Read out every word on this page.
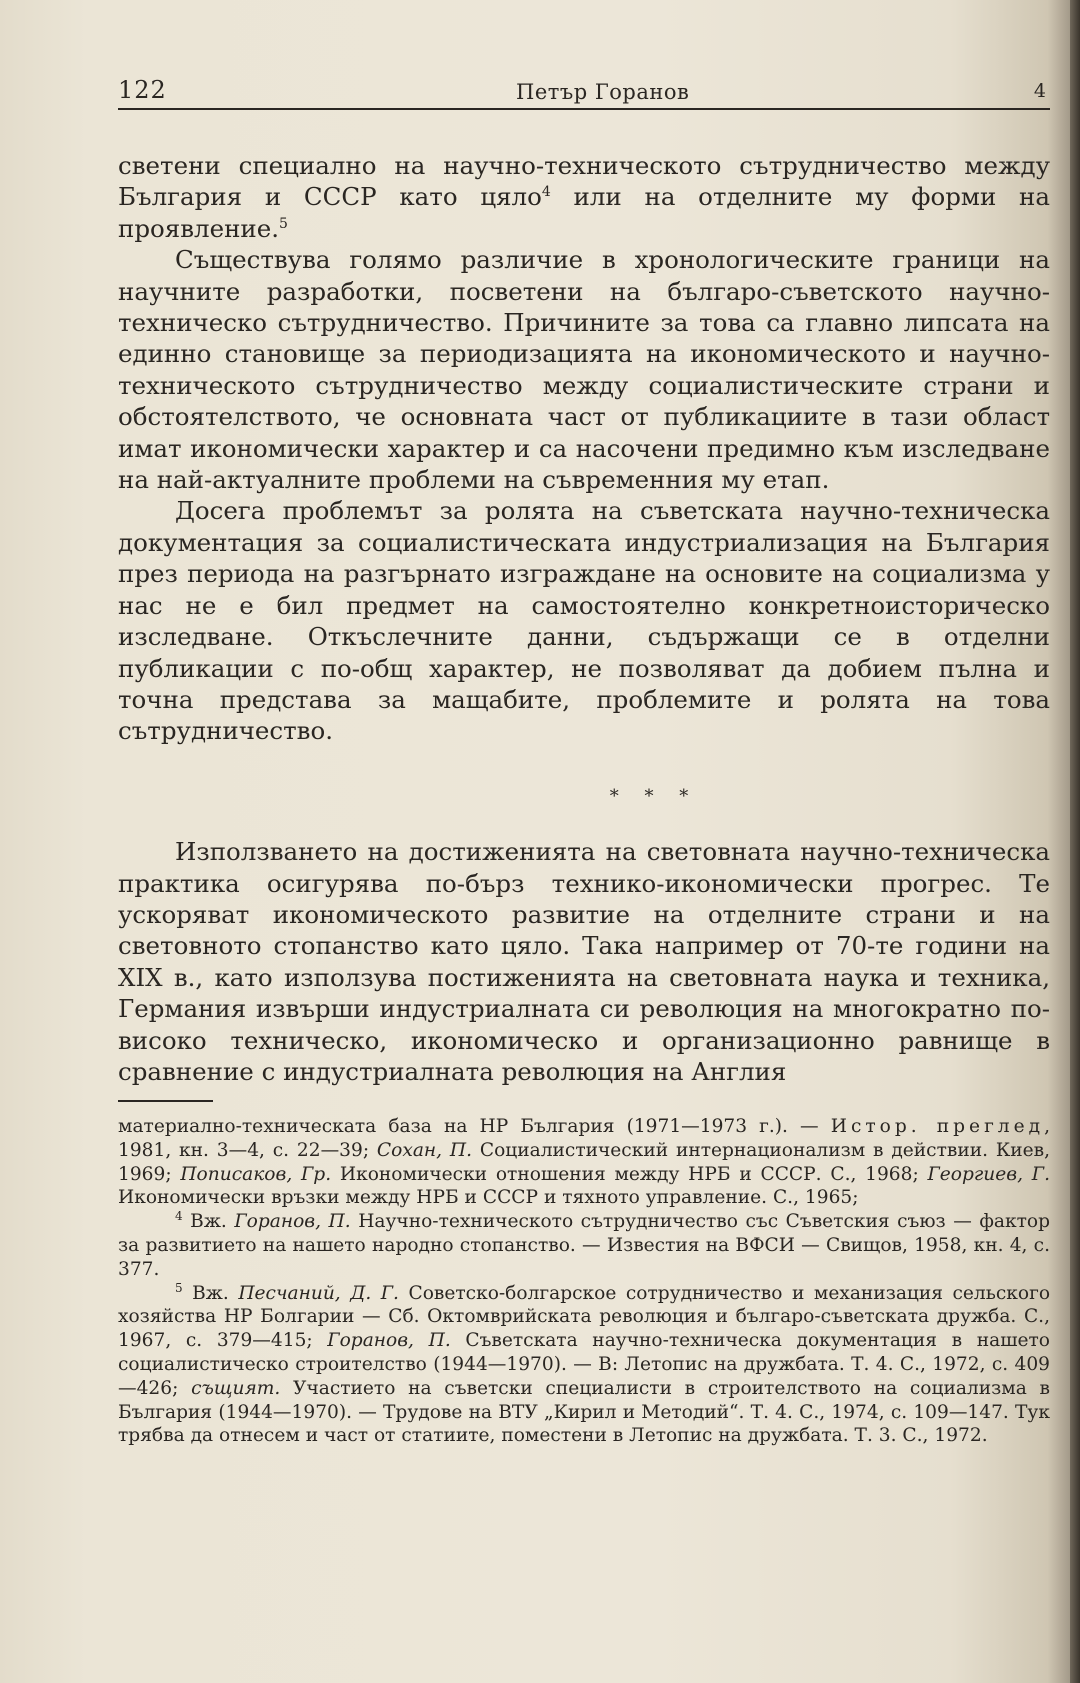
122	Петър Горанов	4

светени специално на научно-техническото сътрудничество между България и СССР като цяло$^4$ или на отделните му форми на проявление.$^5$

Съществува голямо различие в хронологическите граници на научните разработки, посветени на българо-съветското научно-техническо сътрудничество. Причините за това са главно липсата на единно становище за периодизацията на икономическото и научно-техническото сътрудничество между социалистическите страни и обстоятелството, че основната част от публикациите в тази област имат икономически характер и са насочени предимно към изследване на най-актуалните проблеми на съвременния му етап.

Досега проблемът за ролята на съветската научно-техническа документация за социалистическата индустриализация на България през периода на разгърнато изграждане на основите на социализма у нас не е бил предмет на самостоятелно конкретноисторическо изследване. Откъслечните данни, съдържащи се в отделни публикации с по-общ характер, не позволяват да добием пълна и точна представа за мащабите, проблемите и ролята на това сътрудничество.

* * *

Използването на достиженията на световната научно-техническа практика осигурява по-бърз технико-икономически прогрес. Те ускоряват икономическото развитие на отделните страни и на световното стопанство като цяло. Така например от 70-те години на XIX в., като използува постиженията на световната наука и техника, Германия извърши индустриалната си революция на многократно по-високо техническо, икономическо и организационно равнище в сравнение с индустриалната революция на Англия

материално-техническата база на НР България (1971—1973 г.). — Истор. преглед, 1981, кн. 3—4, с. 22—39; Сохан, П. Социалистический интернационализм в действии. Киев, 1969; Пописаков, Гр. Икономически отношения между НРБ и СССР. С., 1968; Георгиев, Г. Икономически връзки между НРБ и СССР и тяхното управление. С., 1965;

$^4$ Вж. Горанов, П. Научно-техническото сътрудничество със Съветския съюз — фактор за развитието на нашето народно стопанство. — Известия на ВФСИ — Свищов, 1958, кн. 4, с. 377.

$^5$ Вж. Песчаний, Д. Г. Советско-болгарское сотрудничество и механизация сельского хозяйства НР Болгарии — Сб. Октомврийската революция и българо-съветската дружба. С., 1967, с. 379—415; Горанов, П. Съветската научно-техническа документация в нашето социалистическо строителство (1944—1970). — В: Летопис на дружбата. Т. 4. С., 1972, с. 409—426; същият. Участието на съветски специалисти в строителството на социализма в България (1944—1970). — Трудове на ВТУ „Кирил и Методий“. Т. 4. С., 1974, с. 109—147. Тук трябва да отнесем и част от статиите, поместени в Летопис на дружбата. Т. 3. С., 1972.
